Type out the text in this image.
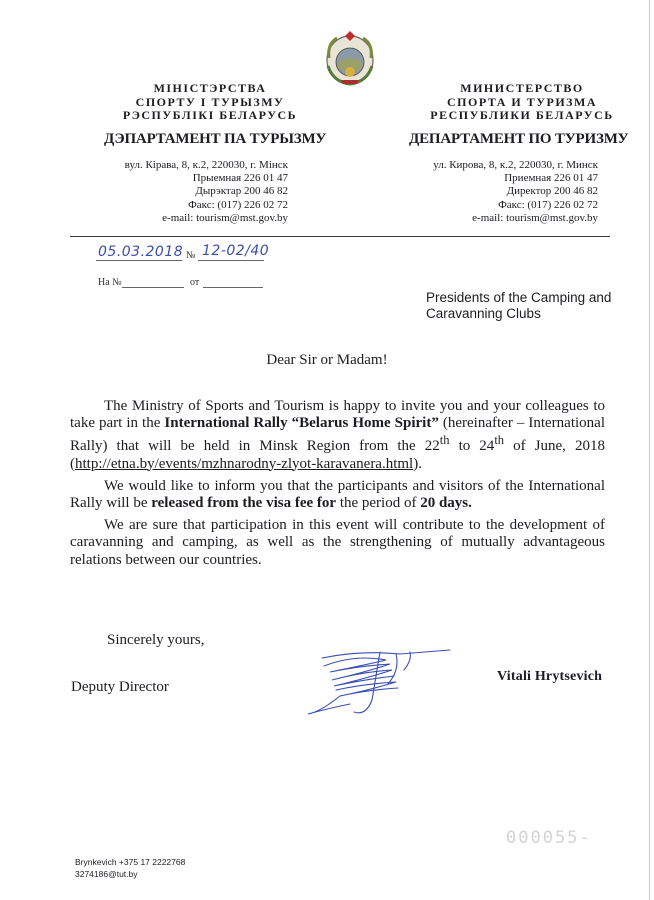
МІНІСТЭРСТВА
СПОРТУ І ТУРЫЗМУ
РЭСПУБЛІКІ БЕЛАРУСЬ
ДЭПАРТАМЕНТ ПА ТУРЫЗМУ
вул. Кірава, 8, к.2, 220030, г. Мінск
Прыемная 226 01 47
Дырэктар 200 46 82
Факс: (017) 226 02 72
e-mail: tourism@mst.gov.by
МИНИСТЕРСТВО
СПОРТА И ТУРИЗМА
РЕСПУБЛИКИ БЕЛАРУСЬ
ДЕПАРТАМЕНТ ПО ТУРИЗМУ
ул. Кирова, 8, к.2, 220030, г. Минск
Приемная 226 01 47
Директор 200 46 82
Факс: (017) 226 02 72
e-mail: tourism@mst.gov.by
05.03.2018 № 12-02/40
На №	от
Presidents of the Camping and Caravanning Clubs
Dear Sir or Madam!

The Ministry of Sports and Tourism is happy to invite you and your colleagues to take part in the International Rally “Belarus Home Spirit” (hereinafter – International Rally) that will be held in Minsk Region from the 22th to 24th of June, 2018 (http://etna.by/events/mzhnarodny-zlyot-karavanera.html).

We would like to inform you that the participants and visitors of the International Rally will be released from the visa fee for the period of 20 days.

We are sure that participation in this event will contribute to the development of caravanning and camping, as well as the strengthening of mutually advantageous relations between our countries.

Sincerely yours,
Deputy Director
Vitali Hrytsevich
000055-
Brynkevich +375 17 2222768
3274186@tut.by
